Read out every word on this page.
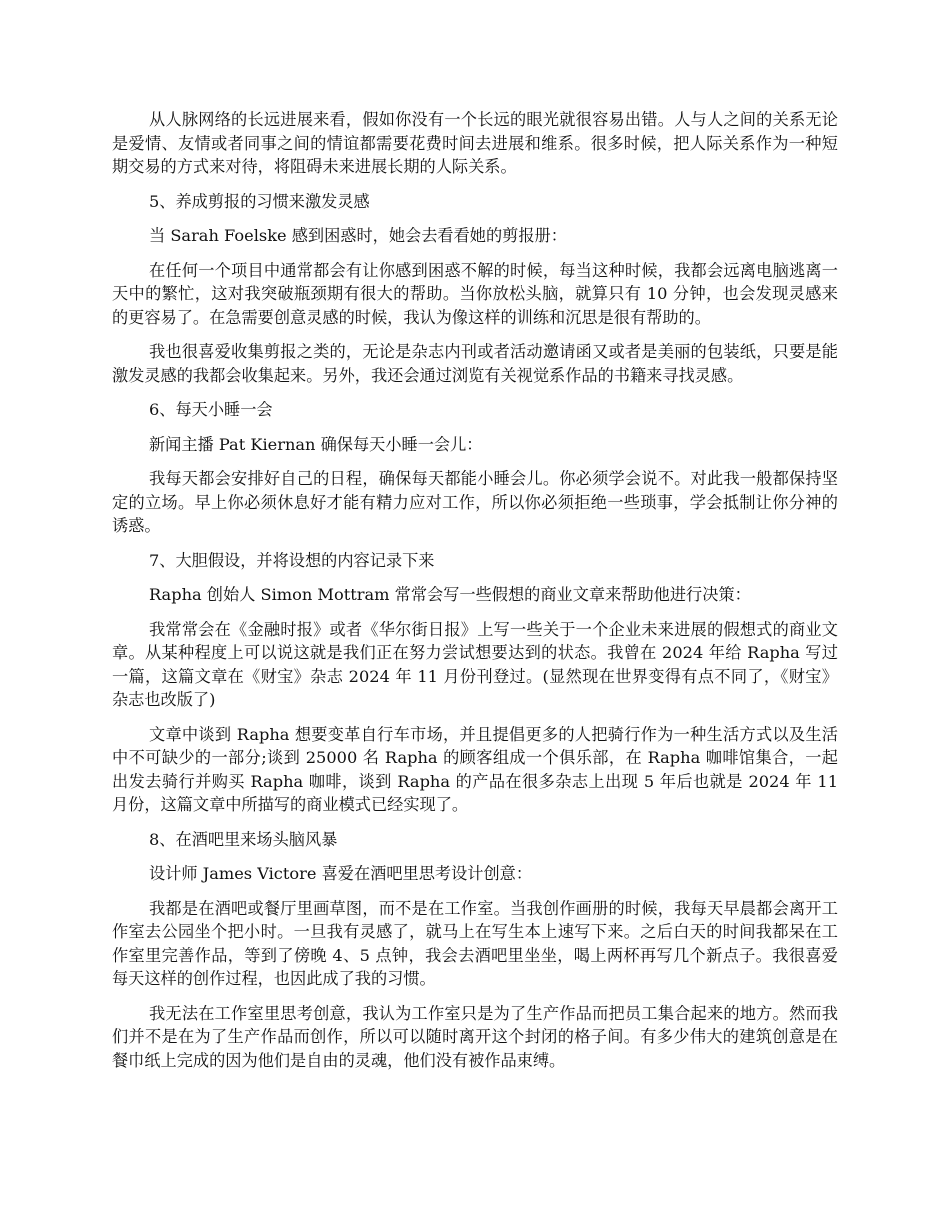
从人脉网络的长远进展来看，假如你没有一个长远的眼光就很容易出错。人与人之间的关系无论是爱情、友情或者同事之间的情谊都需要花费时间去进展和维系。很多时候，把人际关系作为一种短期交易的方式来对待，将阻碍未来进展长期的人际关系。

5、养成剪报的习惯来激发灵感

当 Sarah Foelske 感到困惑时，她会去看看她的剪报册：

在任何一个项目中通常都会有让你感到困惑不解的时候，每当这种时候，我都会远离电脑逃离一天中的繁忙，这对我突破瓶颈期有很大的帮助。当你放松头脑，就算只有 10 分钟，也会发现灵感来的更容易了。在急需要创意灵感的时候，我认为像这样的训练和沉思是很有帮助的。

我也很喜爱收集剪报之类的，无论是杂志内刊或者活动邀请函又或者是美丽的包装纸，只要是能激发灵感的我都会收集起来。另外，我还会通过浏览有关视觉系作品的书籍来寻找灵感。

6、每天小睡一会

新闻主播 Pat Kiernan 确保每天小睡一会儿：

我每天都会安排好自己的日程，确保每天都能小睡会儿。你必须学会说不。对此我一般都保持坚定的立场。早上你必须休息好才能有精力应对工作，所以你必须拒绝一些琐事，学会抵制让你分神的诱惑。

7、大胆假设，并将设想的内容记录下来

Rapha 创始人 Simon Mottram 常常会写一些假想的商业文章来帮助他进行决策：

我常常会在《金融时报》或者《华尔街日报》上写一些关于一个企业未来进展的假想式的商业文章。从某种程度上可以说这就是我们正在努力尝试想要达到的状态。我曾在 2024 年给 Rapha 写过一篇，这篇文章在《财宝》杂志 2024 年 11 月份刊登过。(显然现在世界变得有点不同了，《财宝》杂志也改版了)

文章中谈到 Rapha 想要变革自行车市场，并且提倡更多的人把骑行作为一种生活方式以及生活中不可缺少的一部分;谈到 25000 名 Rapha 的顾客组成一个俱乐部，在 Rapha 咖啡馆集合，一起出发去骑行并购买 Rapha 咖啡，谈到 Rapha 的产品在很多杂志上出现 5 年后也就是 2024 年 11 月份，这篇文章中所描写的商业模式已经实现了。

8、在酒吧里来场头脑风暴

设计师 James Victore 喜爱在酒吧里思考设计创意：

我都是在酒吧或餐厅里画草图，而不是在工作室。当我创作画册的时候，我每天早晨都会离开工作室去公园坐个把小时。一旦我有灵感了，就马上在写生本上速写下来。之后白天的时间我都呆在工作室里完善作品，等到了傍晚 4、5 点钟，我会去酒吧里坐坐，喝上两杯再写几个新点子。我很喜爱每天这样的创作过程，也因此成了我的习惯。

我无法在工作室里思考创意，我认为工作室只是为了生产作品而把员工集合起来的地方。然而我们并不是在为了生产作品而创作，所以可以随时离开这个封闭的格子间。有多少伟大的建筑创意是在餐巾纸上完成的因为他们是自由的灵魂，他们没有被作品束缚。
